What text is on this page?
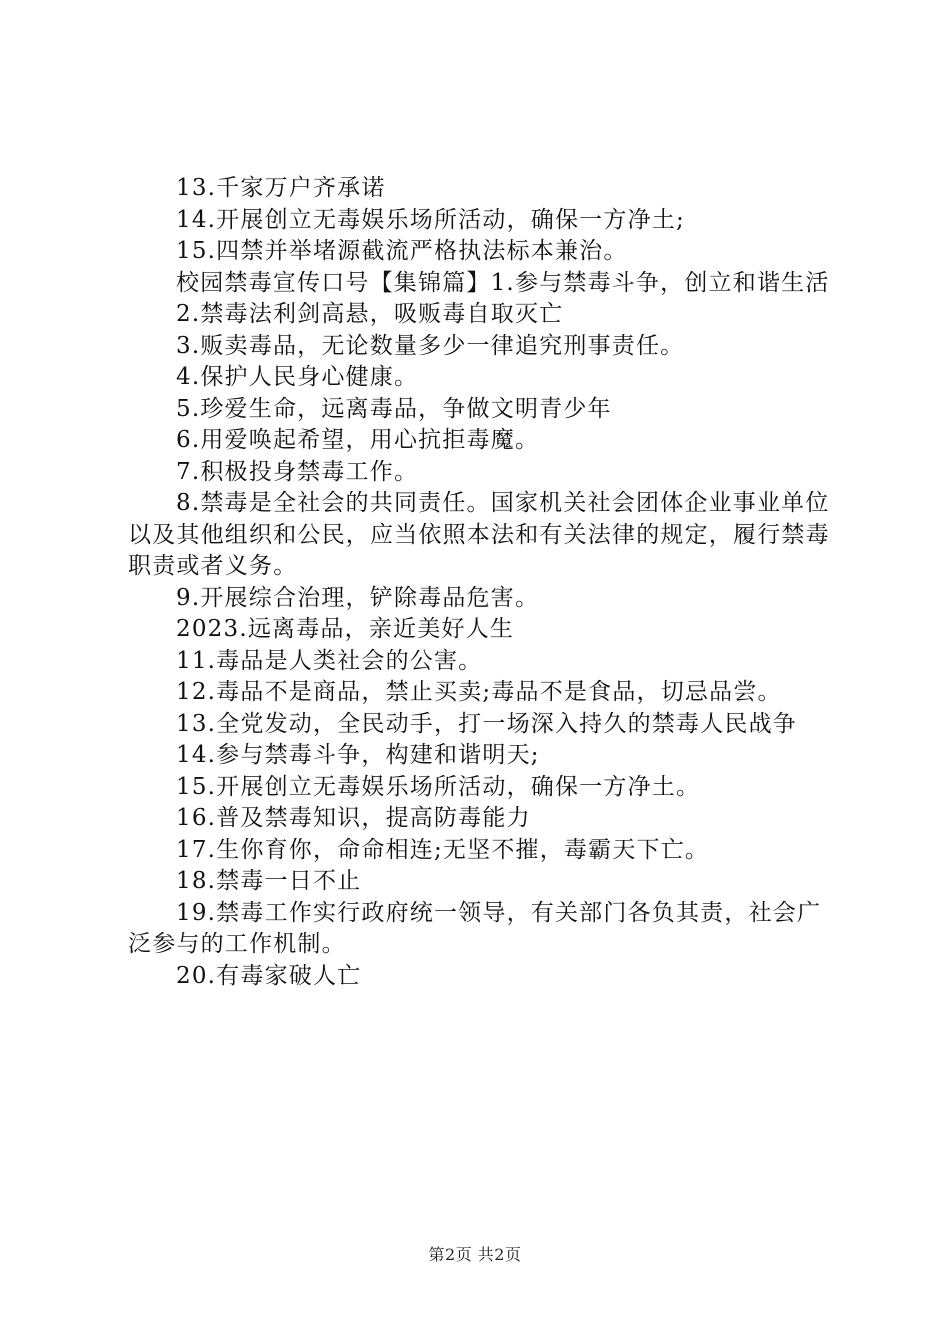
13.千家万户齐承诺

14.开展创立无毒娱乐场所活动，确保一方净土;

15.四禁并举堵源截流严格执法标本兼治。

校园禁毒宣传口号【集锦篇】1.参与禁毒斗争，创立和谐生活

2.禁毒法利剑高悬，吸贩毒自取灭亡

3.贩卖毒品，无论数量多少一律追究刑事责任。

4.保护人民身心健康。

5.珍爱生命，远离毒品，争做文明青少年

6.用爱唤起希望，用心抗拒毒魔。

7.积极投身禁毒工作。

8.禁毒是全社会的共同责任。国家机关社会团体企业事业单位以及其他组织和公民，应当依照本法和有关法律的规定，履行禁毒职责或者义务。

9.开展综合治理，铲除毒品危害。

2023.远离毒品，亲近美好人生

11.毒品是人类社会的公害。

12.毒品不是商品，禁止买卖;毒品不是食品，切忌品尝。

13.全党发动，全民动手，打一场深入持久的禁毒人民战争

14.参与禁毒斗争，构建和谐明天;

15.开展创立无毒娱乐场所活动，确保一方净土。

16.普及禁毒知识，提高防毒能力

17.生你育你，命命相连;无坚不摧，毒霸天下亡。

18.禁毒一日不止

19.禁毒工作实行政府统一领导，有关部门各负其责，社会广泛参与的工作机制。

20.有毒家破人亡

第2页 共2页
